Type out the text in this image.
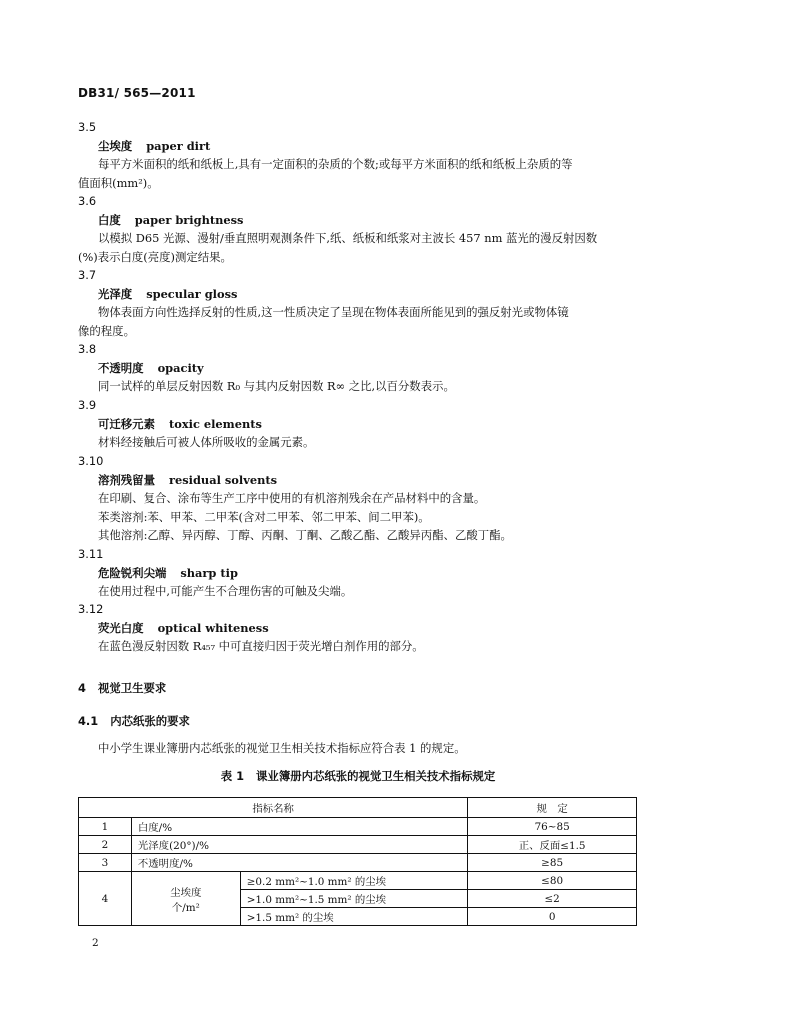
DB31/ 565—2011
3.5
尘埃度 paper dirt
每平方米面积的纸和纸板上,具有一定面积的杂质的个数;或每平方米面积的纸和纸板上杂质的等
值面积(mm²)。
3.6
白度 paper brightness
以模拟 D65 光源、漫射/垂直照明观测条件下,纸、纸板和纸浆对主波长 457 nm 蓝光的漫反射因数
(%)表示白度(亮度)测定结果。
3.7
光泽度 specular gloss
物体表面方向性选择反射的性质,这一性质决定了呈现在物体表面所能见到的强反射光或物体镜
像的程度。
3.8
不透明度 opacity
同一试样的单层反射因数 R₀ 与其内反射因数 R∞ 之比,以百分数表示。
3.9
可迁移元素 toxic elements
材料经接触后可被人体所吸收的金属元素。
3.10
溶剂残留量 residual solvents
在印刷、复合、涂布等生产工序中使用的有机溶剂残余在产品材料中的含量。
苯类溶剂:苯、甲苯、二甲苯(含对二甲苯、邻二甲苯、间二甲苯)。
其他溶剂:乙醇、异丙醇、丁醇、丙酮、丁酮、乙酸乙酯、乙酸异丙酯、乙酸丁酯。
3.11
危险锐利尖端 sharp tip
在使用过程中,可能产生不合理伤害的可触及尖端。
3.12
荧光白度 optical whiteness
在蓝色漫反射因数 R₄₅₇ 中可直接归因于荧光增白剂作用的部分。
4 视觉卫生要求
4.1 内芯纸张的要求
中小学生课业簿册内芯纸张的视觉卫生相关技术指标应符合表 1 的规定。
表 1 课业簿册内芯纸张的视觉卫生相关技术指标规定
指标名称			规　定
1	白度/%		76~85
2	光泽度(20°)/%		正、反面≤1.5
3	不透明度/%		≥85
4	尘埃度
个/m²	≥0.2 mm²~1.0 mm² 的尘埃	≤80
		>1.0 mm²~1.5 mm² 的尘埃	≤2
		>1.5 mm² 的尘埃	0
2
